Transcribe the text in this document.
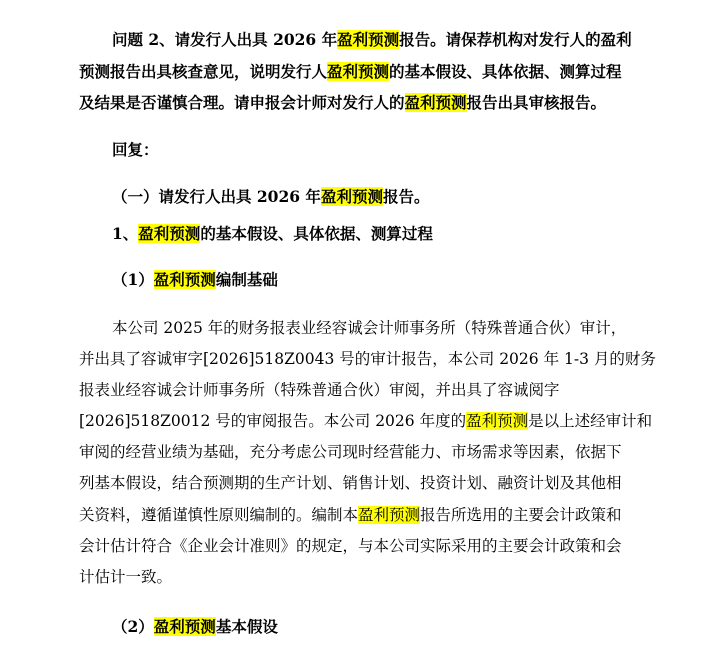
问题 2、请发行人出具 2026 年盈利预测报告。请保荐机构对发行人的盈利
预测报告出具核查意见，说明发行人盈利预测的基本假设、具体依据、测算过程
及结果是否谨慎合理。请申报会计师对发行人的盈利预测报告出具审核报告。
回复：
（一）请发行人出具 2026 年盈利预测报告。
1、盈利预测的基本假设、具体依据、测算过程
（1）盈利预测编制基础
本公司 2025 年的财务报表业经容诚会计师事务所（特殊普通合伙）审计，
并出具了容诚审字[2026]518Z0043 号的审计报告，本公司 2026 年 1-3 月的财务
报表业经容诚会计师事务所（特殊普通合伙）审阅，并出具了容诚阅字
[2026]518Z0012 号的审阅报告。本公司 2026 年度的盈利预测是以上述经审计和
审阅的经营业绩为基础，充分考虑公司现时经营能力、市场需求等因素，依据下
列基本假设，结合预测期的生产计划、销售计划、投资计划、融资计划及其他相
关资料，遵循谨慎性原则编制的。编制本盈利预测报告所选用的主要会计政策和
会计估计符合《企业会计准则》的规定，与本公司实际采用的主要会计政策和会
计估计一致。
（2）盈利预测基本假设
